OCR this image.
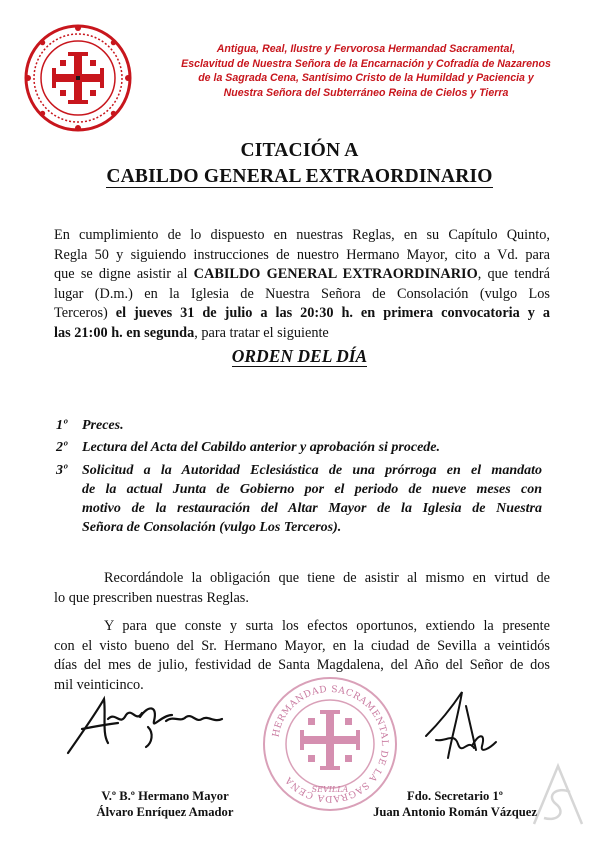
Antigua, Real, Ilustre y Fervorosa Hermandad Sacramental,
Esclavitud de Nuestra Señora de la Encarnación y Cofradía de Nazarenos
de la Sagrada Cena, Santísimo Cristo de la Humildad y Paciencia y
Nuestra Señora del Subterráneo Reina de Cielos y Tierra
CITACIÓN A
CABILDO GENERAL EXTRAORDINARIO
En cumplimiento de lo dispuesto en nuestras Reglas, en su Capítulo Quinto,
Regla 50 y siguiendo instrucciones de nuestro Hermano Mayor, cito a Vd. para
que se digne asistir al CABILDO GENERAL EXTRAORDINARIO, que tendrá
lugar (D.m.) en la Iglesia de Nuestra Señora de Consolación (vulgo Los
Terceros) el jueves 31 de julio a las 20:30 h. en primera convocatoria y a
las 21:00 h. en segunda, para tratar el siguiente
ORDEN DEL DÍA
1º Preces.
2º Lectura del Acta del Cabildo anterior y aprobación si procede.
3º Solicitud a la Autoridad Eclesiástica de una prórroga en el mandato
de la actual Junta de Gobierno por el periodo de nueve meses con
motivo de la restauración del Altar Mayor de la Iglesia de Nuestra
Señora de Consolación (vulgo Los Terceros).
Recordándole la obligación que tiene de asistir al mismo en virtud de
lo que prescriben nuestras Reglas.
Y para que conste y surta los efectos oportunos, extiendo la presente
con el visto bueno del Sr. Hermano Mayor, en la ciudad de Sevilla a veintidós
días del mes de julio, festividad de Santa Magdalena, del Año del Señor de dos
mil veinticinco.
HERMANDAD SACRAMENTAL DE LA SAGRADA CENA
SEVILLA
V.º B.º Hermano Mayor
Álvaro Enríquez Amador
Fdo. Secretario 1º
Juan Antonio Román Vázquez
